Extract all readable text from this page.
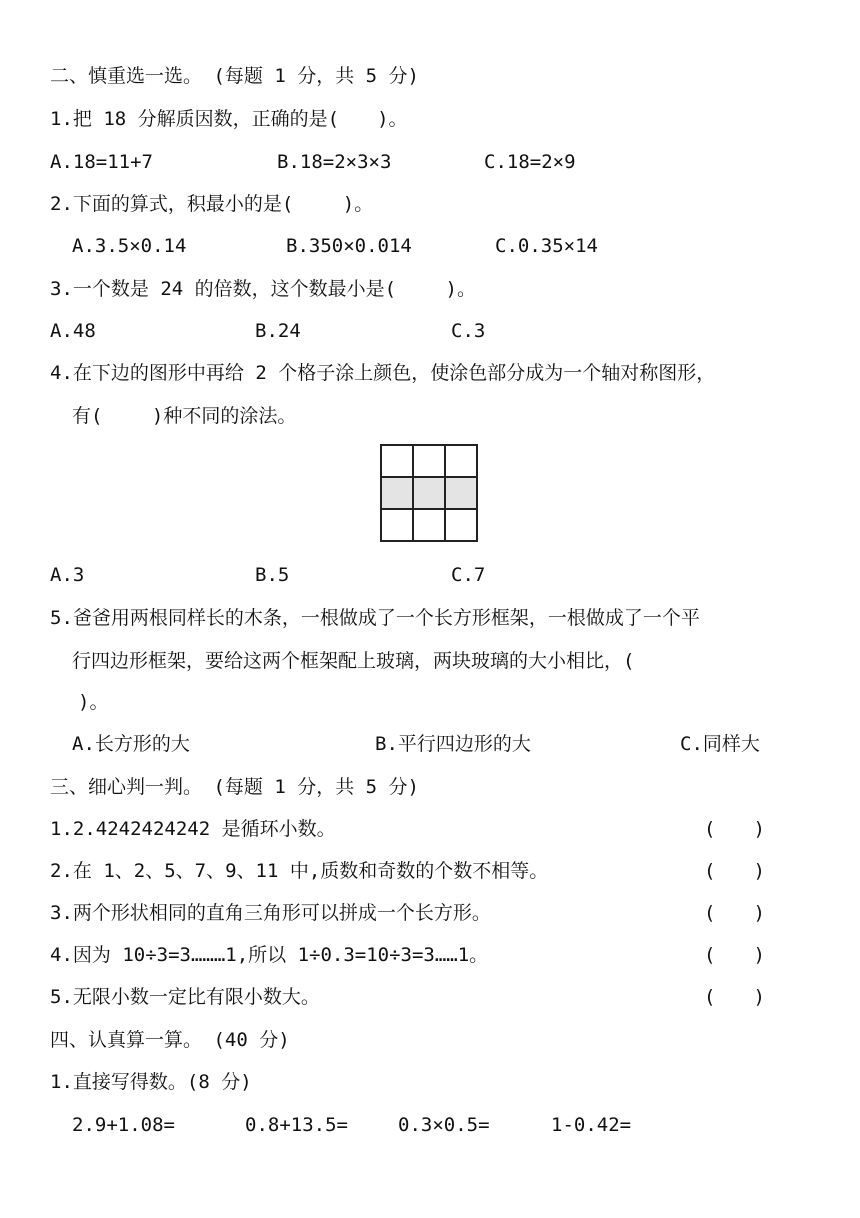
二、慎重选一选。 (每题 1 分，共 5 分)
1.把 18 分解质因数，正确的是(　　)。
A.18=11+7	B.18=2×3×3	C.18=2×9
2.下面的算式，积最小的是(　　 )。
A.3.5×0.14	B.350×0.014	C.0.35×14
3.一个数是 24 的倍数，这个数最小是(　　 )。
A.48	B.24	C.3
4.在下边的图形中再给 2 个格子涂上颜色，使涂色部分成为一个轴对称图形，
有(　　 )种不同的涂法。
A.3	B.5	C.7
5.爸爸用两根同样长的木条，一根做成了一个长方形框架，一根做成了一个平
行四边形框架，要给这两个框架配上玻璃，两块玻璃的大小相比，(
)。
A.长方形的大	B.平行四边形的大	C.同样大
三、细心判一判。 (每题 1 分，共 5 分)
1.2.4242424242 是循环小数。	(　　)
2.在 1、2、5、7、9、11 中,质数和奇数的个数不相等。	(　　)
3.两个形状相同的直角三角形可以拼成一个长方形。	(　　)
4.因为 10÷3=3………1,所以 1÷0.3=10÷3=3……1。	(　　)
5.无限小数一定比有限小数大。	(　　)
四、认真算一算。 (40 分)
1.直接写得数。(8 分)
2.9+1.08=	0.8+13.5=	0.3×0.5=	1-0.42=
